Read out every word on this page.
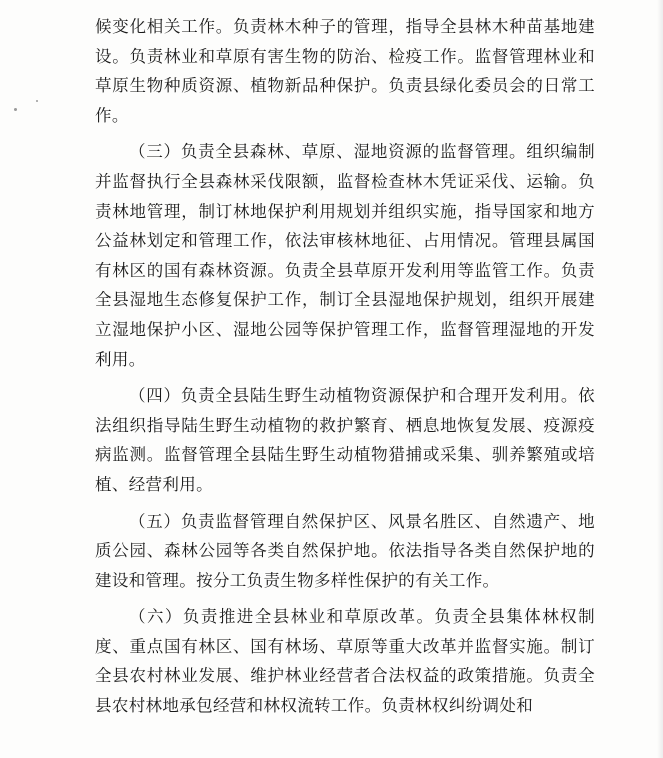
候变化相关工作。负责林木种子的管理，指导全县林木种苗基地建设。负责林业和草原有害生物的防治、检疫工作。监督管理林业和草原生物种质资源、植物新品种保护。负责县绿化委员会的日常工作。

（三）负责全县森林、草原、湿地资源的监督管理。组织编制并监督执行全县森林采伐限额，监督检查林木凭证采伐、运输。负责林地管理，制订林地保护利用规划并组织实施，指导国家和地方公益林划定和管理工作，依法审核林地征、占用情况。管理县属国有林区的国有森林资源。负责全县草原开发利用等监管工作。负责全县湿地生态修复保护工作，制订全县湿地保护规划，组织开展建立湿地保护小区、湿地公园等保护管理工作，监督管理湿地的开发利用。

（四）负责全县陆生野生动植物资源保护和合理开发利用。依法组织指导陆生野生动植物的救护繁育、栖息地恢复发展、疫源疫病监测。监督管理全县陆生野生动植物猎捕或采集、驯养繁殖或培植、经营利用。

（五）负责监督管理自然保护区、风景名胜区、自然遗产、地质公园、森林公园等各类自然保护地。依法指导各类自然保护地的建设和管理。按分工负责生物多样性保护的有关工作。

（六）负责推进全县林业和草原改革。负责全县集体林权制度、重点国有林区、国有林场、草原等重大改革并监督实施。制订全县农村林业发展、维护林业经营者合法权益的政策措施。负责全县农村林地承包经营和林权流转工作。负责林权纠纷调处和
